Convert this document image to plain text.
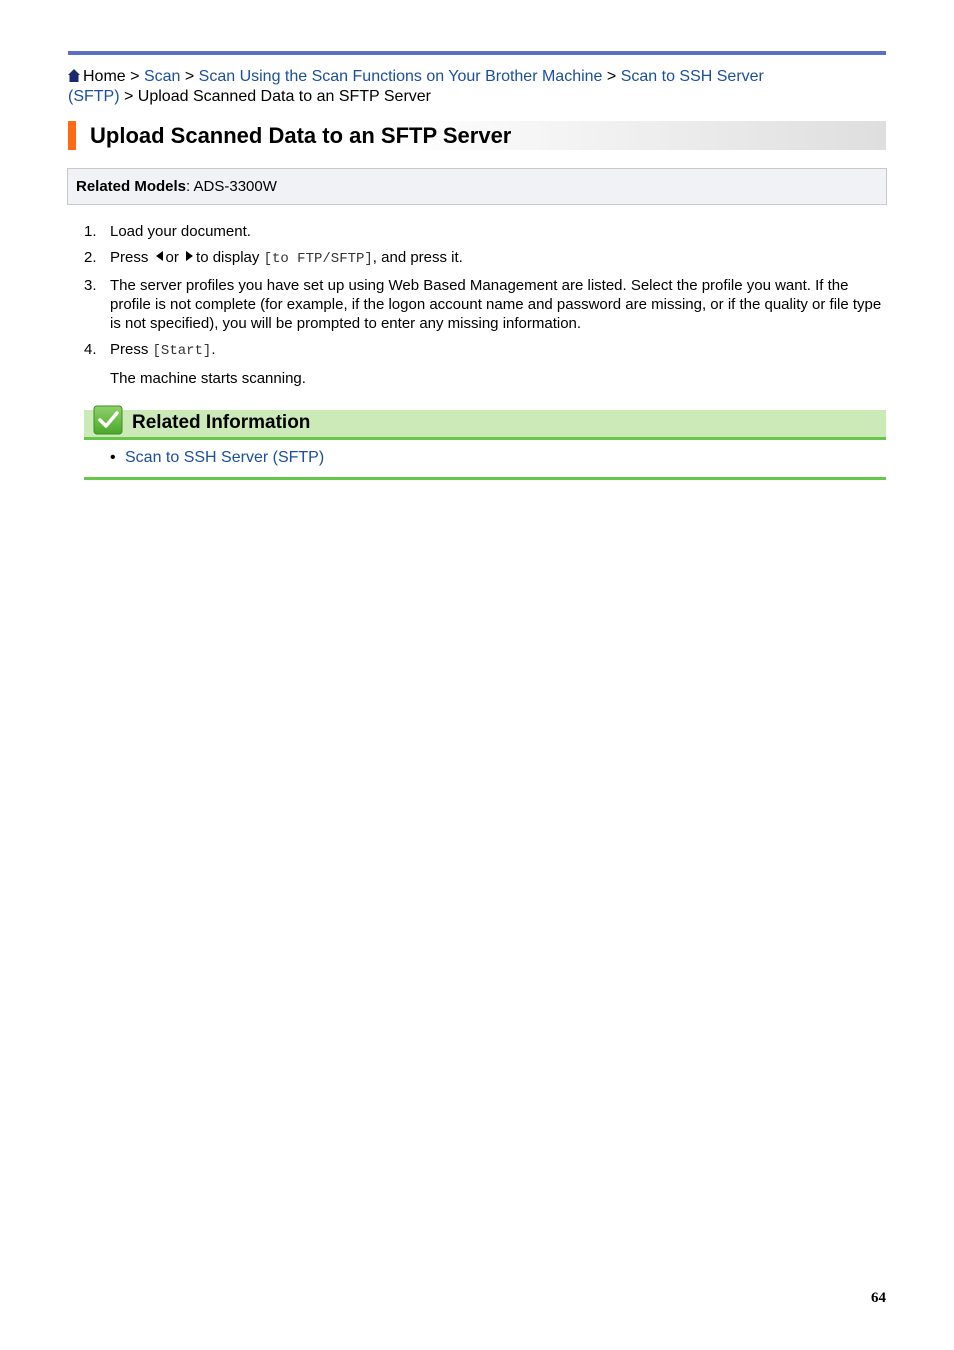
Home > Scan > Scan Using the Scan Functions on Your Brother Machine > Scan to SSH Server
(SFTP) > Upload Scanned Data to an SFTP Server
Upload Scanned Data to an SFTP Server
Related Models: ADS-3300W
1. Load your document.
2. Press or to display [to FTP/SFTP], and press it.
3. The server profiles you have set up using Web Based Management are listed. Select the profile you want. If the profile is not complete (for example, if the logon account name and password are missing, or if the quality or file type is not specified), you will be prompted to enter any missing information.
4. Press [Start].
The machine starts scanning.
Related Information
• Scan to SSH Server (SFTP)
64
